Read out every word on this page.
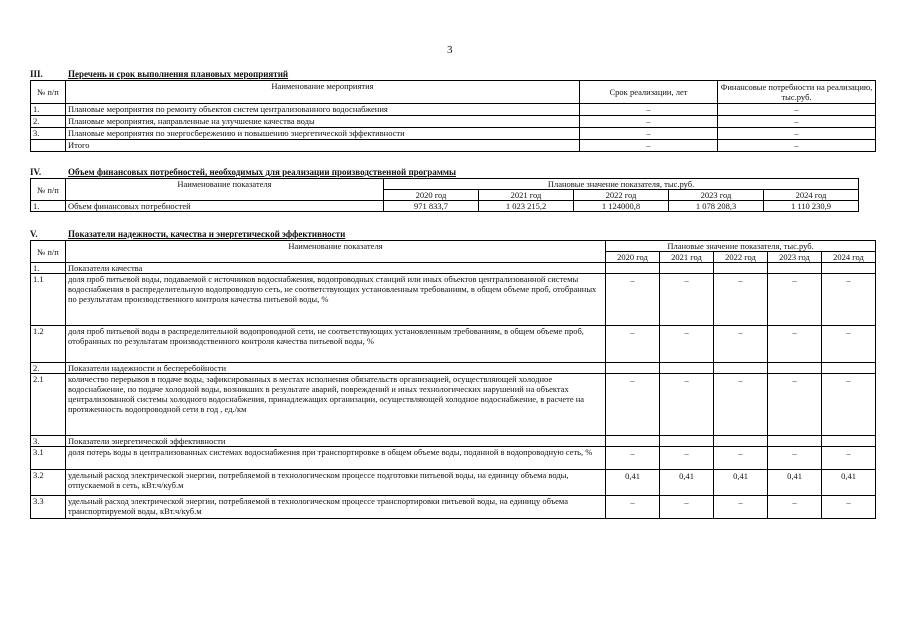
3
III.	Перечень и срок выполнения плановых мероприятий
№ п/п	Наименование мероприятия	Срок реализации, лет	Финансовые потребности на реализацию, тыс.руб.
1.	Плановые мероприятия по ремонту объектов систем централизованного водоснабжения	–	–
2.	Плановые мероприятия, направленные на улучшение качества воды	–	–
3.	Плановые мероприятия по энергосбережению и повышению энергетической эффективности	–	–
	Итого	–	–
IV.	Объем финансовых потребностей, необходимых для реализации производственной программы
№ п/п	Наименование показателя	Плановые значение показателя, тыс.руб.				
		2020 год	2021 год	2022 год	2023 год	2024 год
1.	Объем финансовых потребностей	971 833,7	1 023 215,2	1 124000,8	1 078 208,3	1 110 230,9
V.	Показатели надежности, качества и энергетической эффективности
№ п/п	Наименование показателя	Плановые значение показателя, тыс.руб.				
		2020 год	2021 год	2022 год	2023 год	2024 год
1.	Показатели качества					
1.1	доля проб питьевой воды, подаваемой с источников водоснабжения, водопроводных станций или иных объектов централизованной системы водоснабжения в распределительную водопроводную сеть, не соответствующих установленным требованиям, в общем объеме проб, отобранных по результатам производственного контроля качества питьевой воды, %	–	–	–	–	–
1.2	доля проб питьевой воды в распределительной водопроводной сети, не соответствующих установленным требованиям, в общем объеме проб, отобранных по результатам производственного контроля качества питьевой воды, %	–	–	–	–	–
2.	Показатели надежности и бесперебойности					
2.1	количество перерывов в подаче воды, зафиксированных в местах исполнения обязательств организацией, осуществляющей холодное водоснабжение, по подаче холодной воды, возникших в результате аварий, повреждений и иных технологических нарушений на объектах централизованной системы холодного водоснабжения, принадлежащих организации, осуществляющей холодное водоснабжение, в расчете на протяженность водопроводной сети в год , ед./км	–	–	–	–	–
3.	Показатели энергетической эффективности					
3.1	доля потерь воды в централизованных системах водоснабжения при транспортировке в общем объеме воды, поданной в водопроводную сеть, %	–	–	–	–	–
3.2	удельный расход электрической энергии, потребляемой в технологическом процессе подготовки питьевой воды, на единицу объема воды, отпускаемой в сеть, кВт.ч/куб.м	0,41	0,41	0,41	0,41	0,41
3.3	удельный расход электрической энергии, потребляемой в технологическом процессе транспортировки питьевой воды, на единицу объема транспортируемой воды, кВт.ч/куб.м	–	–	–	–	–
